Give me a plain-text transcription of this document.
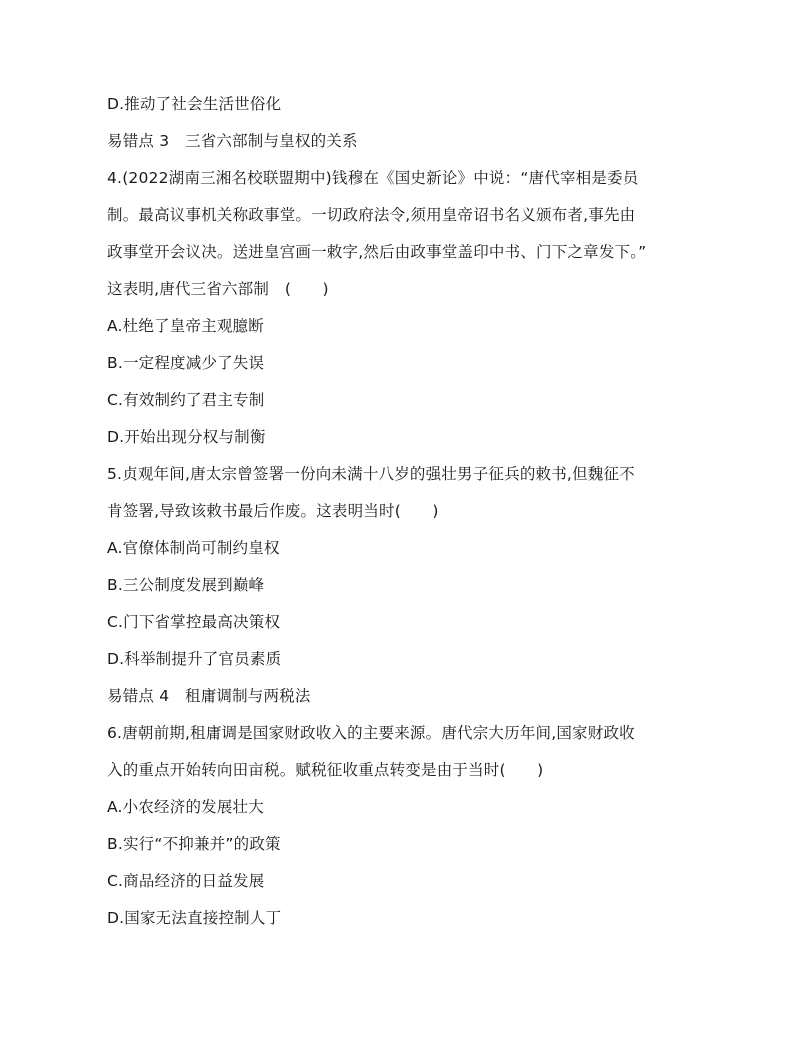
D.推动了社会生活世俗化

易错点 3　三省六部制与皇权的关系

4.(2022湖南三湘名校联盟期中)钱穆在《国史新论》中说：“唐代宰相是委员

制。最高议事机关称政事堂。一切政府法令,须用皇帝诏书名义颁布者,事先由

政事堂开会议决。送进皇宫画一敕字,然后由政事堂盖印中书、门下之章发下。”

这表明,唐代三省六部制　(　　)

A.杜绝了皇帝主观臆断

B.一定程度减少了失误

C.有效制约了君主专制

D.开始出现分权与制衡

5.贞观年间,唐太宗曾签署一份向未满十八岁的强壮男子征兵的敕书,但魏征不

肯签署,导致该敕书最后作废。这表明当时(　　)

A.官僚体制尚可制约皇权

B.三公制度发展到巅峰

C.门下省掌控最高决策权

D.科举制提升了官员素质

易错点 4　租庸调制与两税法

6.唐朝前期,租庸调是国家财政收入的主要来源。唐代宗大历年间,国家财政收

入的重点开始转向田亩税。赋税征收重点转变是由于当时(　　)

A.小农经济的发展壮大

B.实行“不抑兼并”的政策

C.商品经济的日益发展

D.国家无法直接控制人丁
